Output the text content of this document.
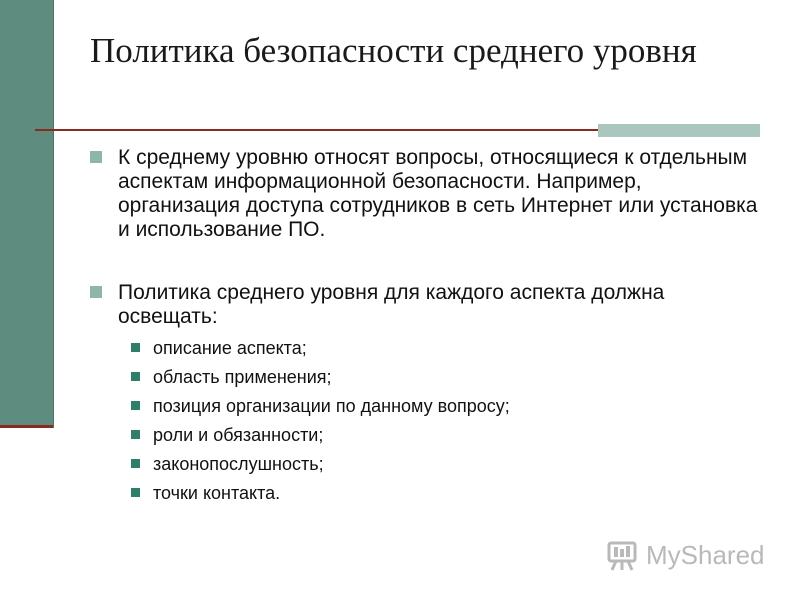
Политика безопасности среднего уровня
К среднему уровню относят вопросы, относящиеся к отдельным аспектам информационной безопасности. Например, организация доступа сотрудников в сеть Интернет или установка и использование ПО.
Политика среднего уровня для каждого аспекта должна освещать:
описание аспекта;
область применения;
позиция организации по данному вопросу;
роли и обязанности;
законопослушность;
точки контакта.
MyShared
